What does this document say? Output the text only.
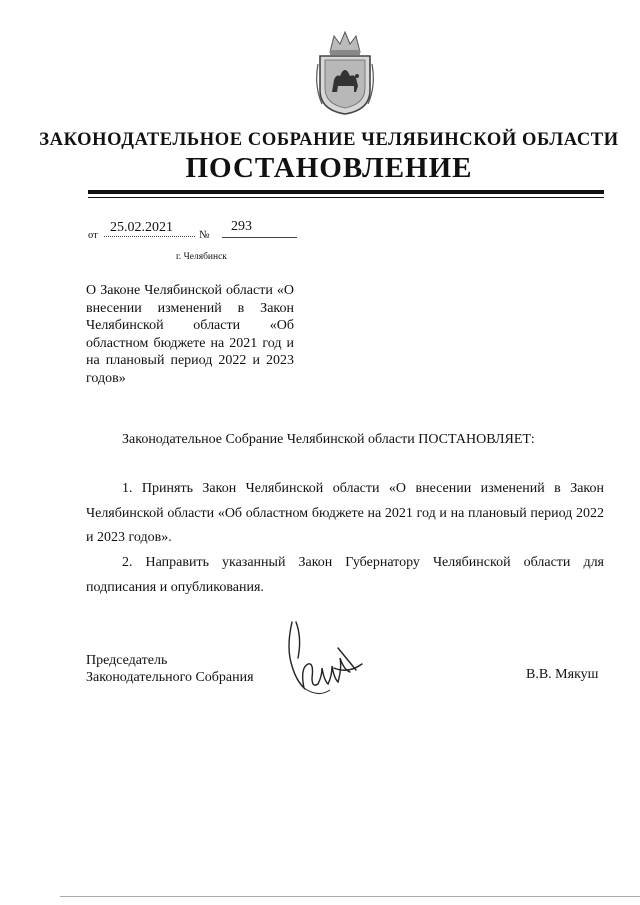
ЗАКОНОДАТЕЛЬНОЕ СОБРАНИЕ ЧЕЛЯБИНСКОЙ ОБЛАСТИ
ПОСТАНОВЛЕНИЕ
от
25.02.2021 №
293
г. Челябинск
О Законе Челябинской области «О внесении изменений в Закон Челябинской области «Об областном бюджете на 2021 год и на плановый период 2022 и 2023 годов»
Законодательное Собрание Челябинской области ПОСТАНОВЛЯЕТ:
1. Принять Закон Челябинской области «О внесении изменений в Закон Челябинской области «Об областном бюджете на 2021 год и на плановый период 2022 и 2023 годов».
2. Направить указанный Закон Губернатору Челябинской области для подписания и опубликования.
Председатель
Законодательного Собрания	В.В. Мякуш
